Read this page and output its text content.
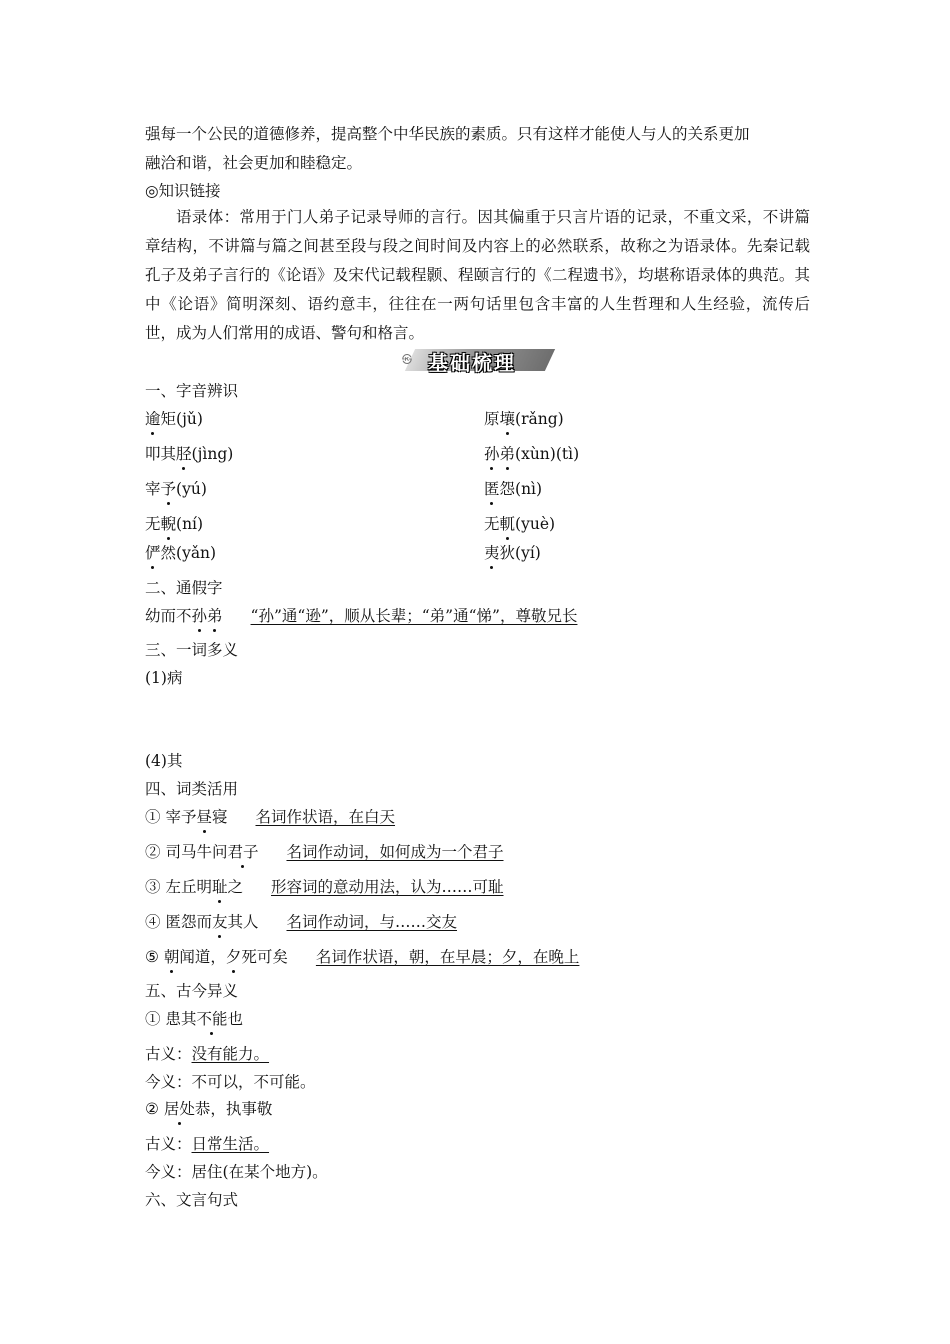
强每一个公民的道德修养，提高整个中华民族的素质。只有这样才能使人与人的关系更加
融洽和谐，社会更加和睦稳定。
◎知识链接
语录体：常用于门人弟子记录导师的言行。因其偏重于只言片语的记录，不重文采，不讲篇章结构，不讲篇与篇之间甚至段与段之间时间及内容上的必然联系，故称之为语录体。先秦记载孔子及弟子言行的《论语》及宋代记载程颢、程颐言行的《二程遗书》，均堪称语录体的典范。其中《论语》简明深刻、语约意丰，往往在一两句话里包含丰富的人生哲理和人生经验，流传后世，成为人们常用的成语、警句和格言。
㉿ 基础梳理
一、字音辨识
逾矩(jǔ)	原壤(rǎng)
叩其胫(jìng)	孙弟(xùn)(tì)
宰予(yú)	匿怨(nì)
无輗(ní)	无軏(yuè)
俨然(yǎn)	夷狄(yí)
二、通假字
幼而不孙弟 “孙”通“逊”，顺从长辈；“弟”通“悌”，尊敬兄长
三、一词多义
(1)病
(4)其
四、词类活用
① 宰予昼寝 名词作状语，在白天
② 司马牛问君子 名词作动词，如何成为一个君子
③ 左丘明耻之 形容词的意动用法，认为……可耻
④ 匿怨而友其人 名词作动词，与……交友
⑤ 朝闻道，夕死可矣 名词作状语，朝，在早晨；夕，在晚上
五、古今异义
① 患其不能也
古义：没有能力。
今义：不可以，不可能。
② 居处恭，执事敬
古义：日常生活。
今义：居住(在某个地方)。
六、文言句式
